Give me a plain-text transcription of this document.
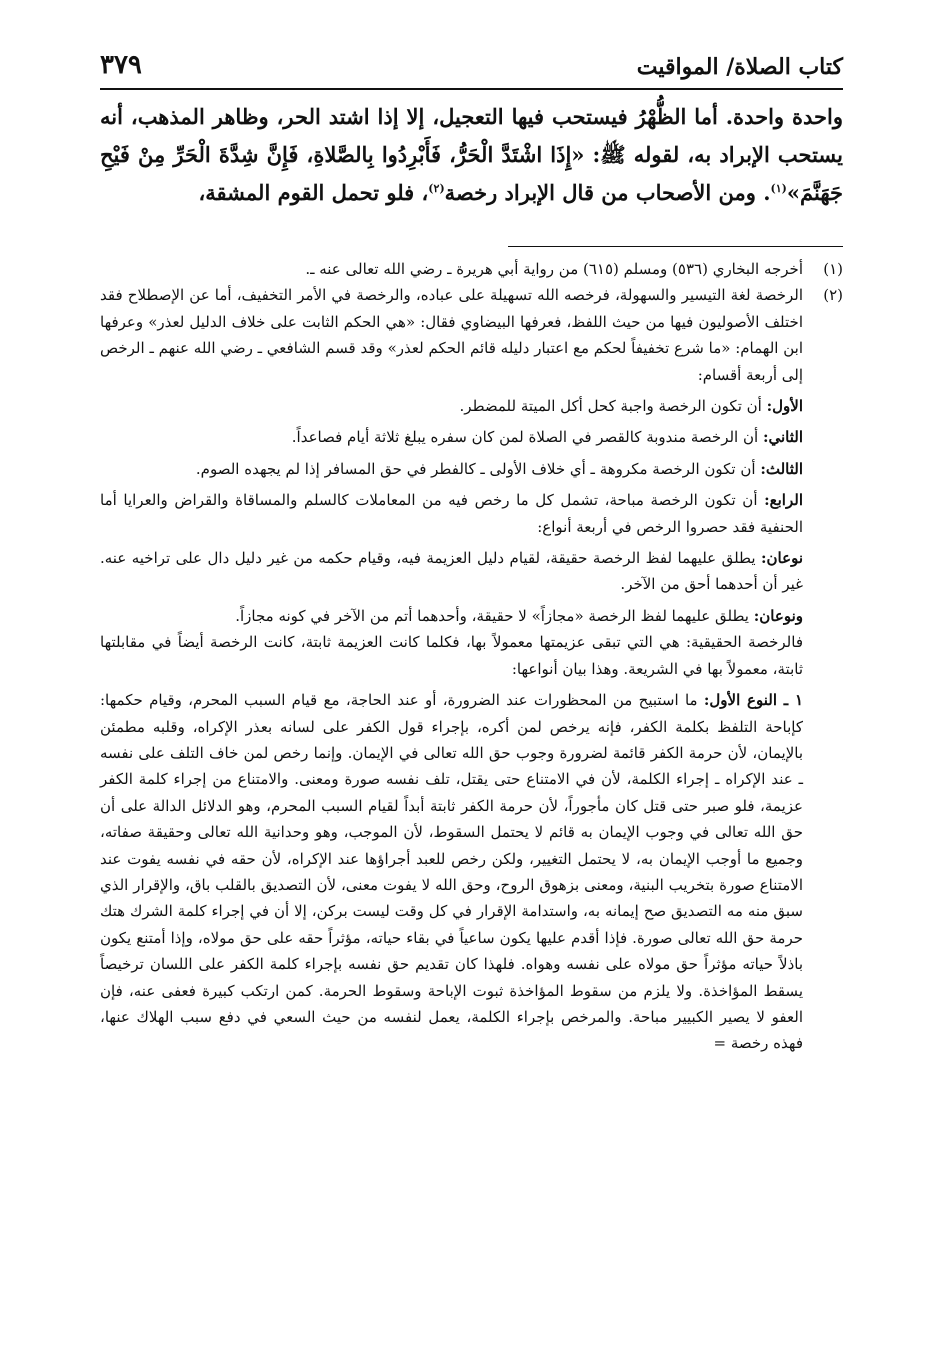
٣٧٩	كتاب الصلاة/ المواقيت

واحدة واحدة. أما الظُّهْرُ فيستحب فيها التعجيل، إلا إذا اشتد الحر، وظاهر المذهب، أنه يستحب الإبراد به، لقوله ﷺ: «إِذَا اشْتَدَّ الْحَرُّ، فَأَبْرِدُوا بِالصَّلاةِ، فَإِنَّ شِدَّةَ الْحَرِّ مِنْ فَيْحِ جَهَنَّمَ»$^{(١)}$. ومن الأصحاب من قال الإبراد رخصة$^{(٢)}$، فلو تحمل القوم المشقة،

(١)

أخرجه البخاري (٥٣٦) ومسلم (٦١٥) من رواية أبي هريرة ـ رضي الله تعالى عنه ـ.

(٢)

الرخصة لغة التيسير والسهولة، فرخصه الله تسهيلة على عباده، والرخصة في الأمر التخفيف، أما عن الإصطلاح فقد اختلف الأصوليون فيها من حيث اللفظ، فعرفها البيضاوي فقال: «هي الحكم الثابت على خلاف الدليل لعذر» وعرفها ابن الهمام: «ما شرع تخفيفاً لحكم مع اعتبار دليله قائم الحكم لعذر» وقد قسم الشافعي ـ رضي الله عنهم ـ الرخص إلى أربعة أقسام:

الأول: أن تكون الرخصة واجبة كحل أكل الميتة للمضطر.

الثاني: أن الرخصة مندوبة كالقصر في الصلاة لمن كان سفره يبلغ ثلاثة أيام فصاعداً.

الثالث: أن تكون الرخصة مكروهة ـ أي خلاف الأولى ـ كالفطر في حق المسافر إذا لم يجهده الصوم.

الرابع: أن تكون الرخصة مباحة، تشمل كل ما رخص فيه من المعاملات كالسلم والمساقاة والقراض والعرايا أما الحنفية فقد حصروا الرخص في أربعة أنواع:

نوعان: يطلق عليهما لفظ الرخصة حقيقة، لقيام دليل العزيمة فيه، وقيام حكمه من غير دليل دال على تراخيه عنه. غير أن أحدهما أحق من الآخر.

ونوعان: يطلق عليهما لفظ الرخصة «مجازاً» لا حقيقة، وأحدهما أتم من الآخر في كونه مجازاً.

فالرخصة الحقيقية: هي التي تبقى عزيمتها معمولاً بها، فكلما كانت العزيمة ثابتة، كانت الرخصة أيضاً في مقابلتها ثابتة، معمولاً بها في الشريعة. وهذا بيان أنواعها:

١ ـ النوع الأول: ما استبيح من المحظورات عند الضرورة، أو عند الحاجة، مع قيام السبب المحرم، وقيام حكمها: كإباحة التلفظ بكلمة الكفر، فإنه يرخص لمن أكره، بإجراء قول الكفر على لسانه بعذر الإكراه، وقلبه مطمئن بالإيمان، لأن حرمة الكفر قائمة لضرورة وجوب حق الله تعالى في الإيمان. وإنما رخص لمن خاف التلف على نفسه ـ عند الإكراه ـ إجراء الكلمة، لأن في الامتناع حتى يقتل، تلف نفسه صورة ومعنى. والامتناع من إجراء كلمة الكفر عزيمة، فلو صبر حتى قتل كان مأجوراً، لأن حرمة الكفر ثابتة أبداً لقيام السبب المحرم، وهو الدلائل الدالة على أن حق الله تعالى في وجوب الإيمان به قائم لا يحتمل السقوط، لأن الموجب، وهو وحدانية الله تعالى وحقيقة صفاته، وجميع ما أوجب الإيمان به، لا يحتمل التغيير، ولكن رخص للعبد أجراؤها عند الإكراه، لأن حقه في نفسه يفوت عند الامتناع صورة بتخريب البنية، ومعنى بزهوق الروح، وحق الله لا يفوت معنى، لأن التصديق بالقلب باق، والإقرار الذي سبق منه مه التصديق صح إيمانه به، واستدامة الإقرار في كل وقت ليست بركن، إلا أن في إجراء كلمة الشرك هتك حرمة حق الله تعالى صورة. فإذا أقدم عليها يكون ساعياً في بقاء حياته، مؤثراً حقه على حق مولاه، وإذا أمتنع يكون باذلاً حياته مؤثراً حق مولاه على نفسه وهواه. فلهذا كان تقديم حق نفسه بإجراء كلمة الكفر على اللسان ترخيصاً يسقط المؤاخذة. ولا يلزم من سقوط المؤاخذة ثبوت الإباحة وسقوط الحرمة. كمن ارتكب كبيرة فعفى عنه، فإن العفو لا يصير الكبيير مباحة. والمرخص بإجراء الكلمة، يعمل لنفسه من حيث السعي في دفع سبب الهلاك عنها، فهذه رخصة =
